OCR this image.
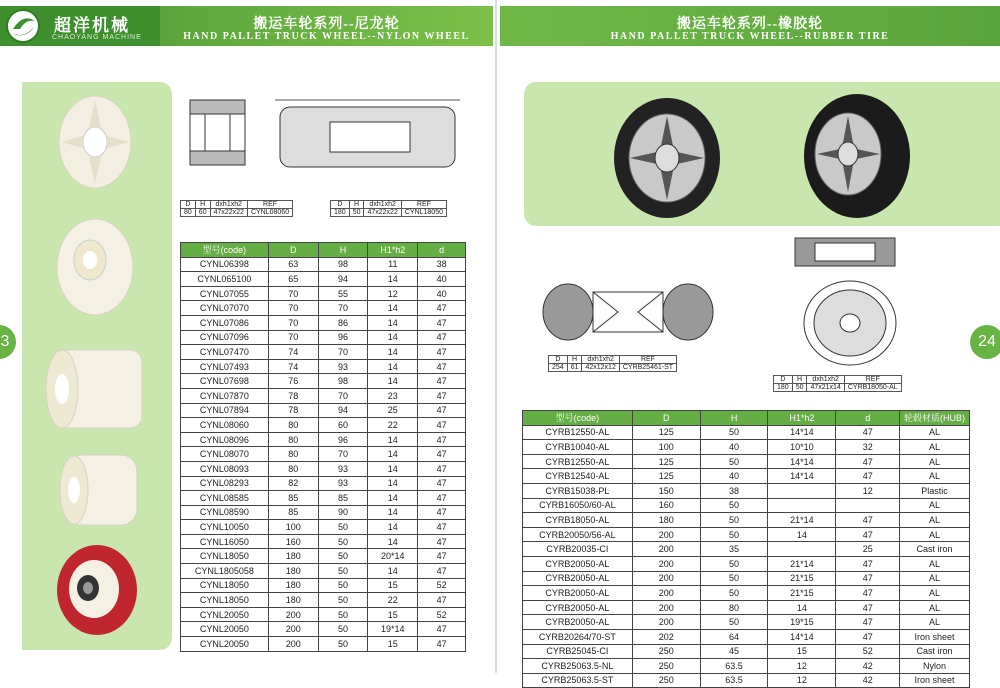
超洋机械
CHAOYANG MACHINE
搬运车轮系列--尼龙轮
HAND PALLET TRUCK WHEEL--NYLON WHEEL
搬运车轮系列--橡胶轮
HAND PALLET TRUCK WHEEL--RUBBER TIRE
D	H	dxh1xh2	REF
80	60	47x22x22	CYNL08060
D	H	dxh1xh2	REF
180	50	47x22x22	CYNL18050
型号(code)	D	H	H1*h2	d
CYNL06398	63	98	11	38
CYNL065100	65	94	14	40
CYNL07055	70	55	12	40
CYNL07070	70	70	14	47
CYNL07086	70	86	14	47
CYNL07096	70	96	14	47
CYNL07470	74	70	14	47
CYNL07493	74	93	14	47
CYNL07698	76	98	14	47
CYNL07870	78	70	23	47
CYNL07894	78	94	25	47
CYNL08060	80	60	22	47
CYNL08096	80	96	14	47
CYNL08070	80	70	14	47
CYNL08093	80	93	14	47
CYNL08293	82	93	14	47
CYNL08585	85	85	14	47
CYNL08590	85	90	14	47
CYNL10050	100	50	14	47
CYNL16050	160	50	14	47
CYNL18050	180	50	20*14	47
CYNL1805058	180	50	14	47
CYNL18050	180	50	15	52
CYNL18050	180	50	22	47
CYNL20050	200	50	15	52
CYNL20050	200	50	19*14	47
CYNL20050	200	50	15	47
D	H	dxh1xh2	REF
254	61	42x12x12	CYRB25461-ST
D	H	dxh1xh2	REF
180	50	47x21x14	CYRB18050-AL
型号(code)	D	H	H1*h2	d	轮毂材质(HUB)
CYRB12550-AL	125	50	14*14	47	AL
CYRB10040-AL	100	40	10*10	32	AL
CYRB12550-AL	125	50	14*14	47	AL
CYRB12540-AL	125	40	14*14	47	AL
CYRB15038-PL	150	38		12	Plastic
CYRB16050/60-AL	160	50			AL
CYRB18050-AL	180	50	21*14	47	AL
CYRB20050/56-AL	200	50	14	47	AL
CYRB20035-CI	200	35		25	Cast iron
CYRB20050-AL	200	50	21*14	47	AL
CYRB20050-AL	200	50	21*15	47	AL
CYRB20050-AL	200	50	21*15	47	AL
CYRB20050-AL	200	80	14	47	AL
CYRB20050-AL	200	50	19*15	47	AL
CYRB20264/70-ST	202	64	14*14	47	Iron sheet
CYRB25045-CI	250	45	15	52	Cast iron
CYRB25063.5-NL	250	63.5	12	42	Nylon
CYRB25063.5-ST	250	63.5	12	42	Iron sheet
3	24
